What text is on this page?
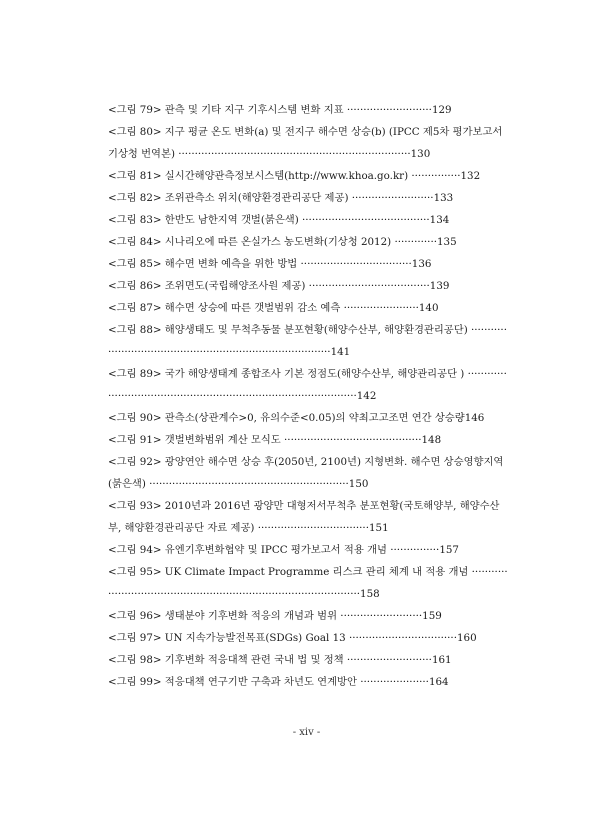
<그림 79> 관측 및 기타 지구 기후시스템 변화 지표 ··························129
<그림 80> 지구 평균 온도 변화(a) 및 전지구 해수면 상승(b) (IPCC 제5차 평가보고서 기상청 번역본) ·······································································130
<그림 81> 실시간해양관측정보시스템(http://www.khoa.go.kr) ···············132
<그림 82> 조위관측소 위치(해양환경관리공단 제공) ·························133
<그림 83> 한반도 남한지역 갯벌(붉은색) ·······································134
<그림 84> 시나리오에 따른 온실가스 농도변화(기상청 2012) ·············135
<그림 85> 해수면 변화 예측을 위한 방법 ··································136
<그림 86> 조위면도(국립해양조사원 제공) ·····································139
<그림 87> 해수면 상승에 따른 갯벌범위 감소 예측 ·······················140
<그림 88> 해양생태도 및 무척추동물 분포현황(해양수산부, 해양환경관리공단) ···············································································141
<그림 89> 국가 해양생태계 종합조사 기본 정점도(해양수산부, 해양관리공단 ) ························································································142
<그림 90> 관측소(상관계수>0, 유의수준<0.05)의 약최고고조면 연간 상승량146
<그림 91> 갯벌변화범위 계산 모식도 ··········································148
<그림 92> 광양연안 해수면 상승 후(2050년, 2100년) 지형변화. 해수면 상승영향지역(붉은색) ·····························································150
<그림 93> 2010년과 2016년 광양만 대형저서무척추 분포현황(국토해양부, 해양수산부, 해양환경관리공단 자료 제공) ··································151
<그림 94> 유엔기후변화협약 및 IPCC 평가보고서 적용 개념 ···············157
<그림 95> UK Climate Impact Programme 리스크 관리 체계 내 적용 개념 ························································································158
<그림 96> 생태분야 기후변화 적응의 개념과 범위 ·························159
<그림 97> UN 지속가능발전목표(SDGs) Goal 13 ·································160
<그림 98> 기후변화 적응대책 관련 국내 법 및 정책 ··························161
<그림 99> 적응대책 연구기반 구축과 차년도 연계방안 ·····················164
- xiv -
